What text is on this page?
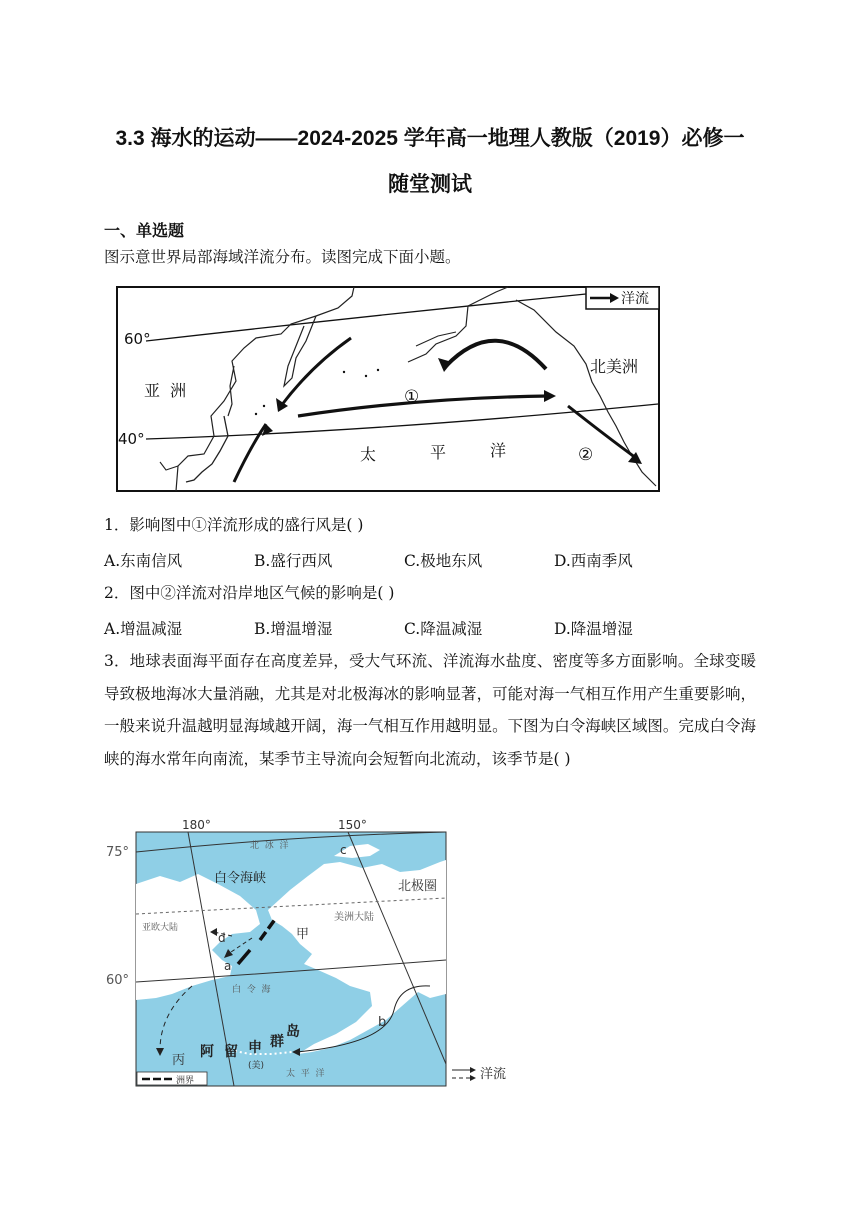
3.3 海水的运动——2024-2025 学年高一地理人教版（2019）必修一
随堂测试
一、单选题
图示意世界局部海域洋流分布。读图完成下面小题。
洋流
60°
40°
亚  洲
北美洲
太	平	洋
①
②
1．影响图中①洋流形成的盛行风是( )
A.东南信风	B.盛行西风	C.极地东风	D.西南季风
2．图中②洋流对沿岸地区气候的影响是( )
A.增温减湿	B.增温增湿	C.降温减湿	D.降温增湿
3．地球表面海平面存在高度差异，受大气环流、洋流海水盐度、密度等多方面影响。全球变暖导致极地海冰大量消融，尤其是对北极海冰的影响显著，可能对海一气相互作用产生重要影响，一般来说升温越明显海域越开阔，海一气相互作用越明显。下图为白令海峡区域图。完成白令海峡的海水常年向南流，某季节主导流向会短暂向北流动，该季节是( )
180°	150°
75°
60°
北  冰  洋	c
白令海峡
北极圈
美洲大陆
亚欧大陆	甲
d
a
白  令  海
b
丙
阿 留 申 群
岛
(美)
太  平  洋
洲界	洋流
